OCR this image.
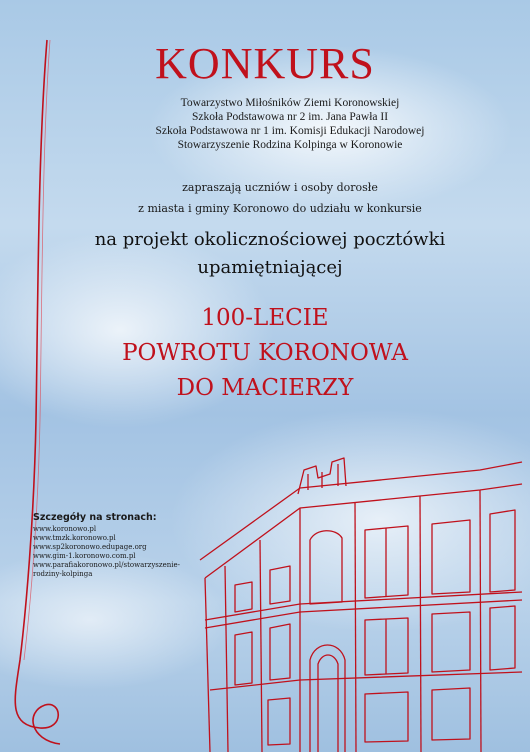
KONKURS
Towarzystwo Miłośników Ziemi Koronowskiej
Szkoła Podstawowa nr 2 im. Jana Pawła II
Szkoła Podstawowa nr 1 im. Komisji Edukacji Narodowej
Stowarzyszenie Rodzina Kolpinga w Koronowie
zapraszają uczniów i osoby dorosłe
z miasta i gminy Koronowo do udziału w konkursie
na projekt okolicznościowej pocztówki
upamiętniającej
100-LECIE
POWROTU KORONOWA
DO MACIERZY
Szczegóły na stronach:
www.koronowo.pl
www.tmzk.koronowo.pl
www.sp2koronowo.edupage.org
www.gim-1.koronowo.com.pl
www.parafiakoronowo.pl/stowarzyszenie-
rodziny-kolpinga
